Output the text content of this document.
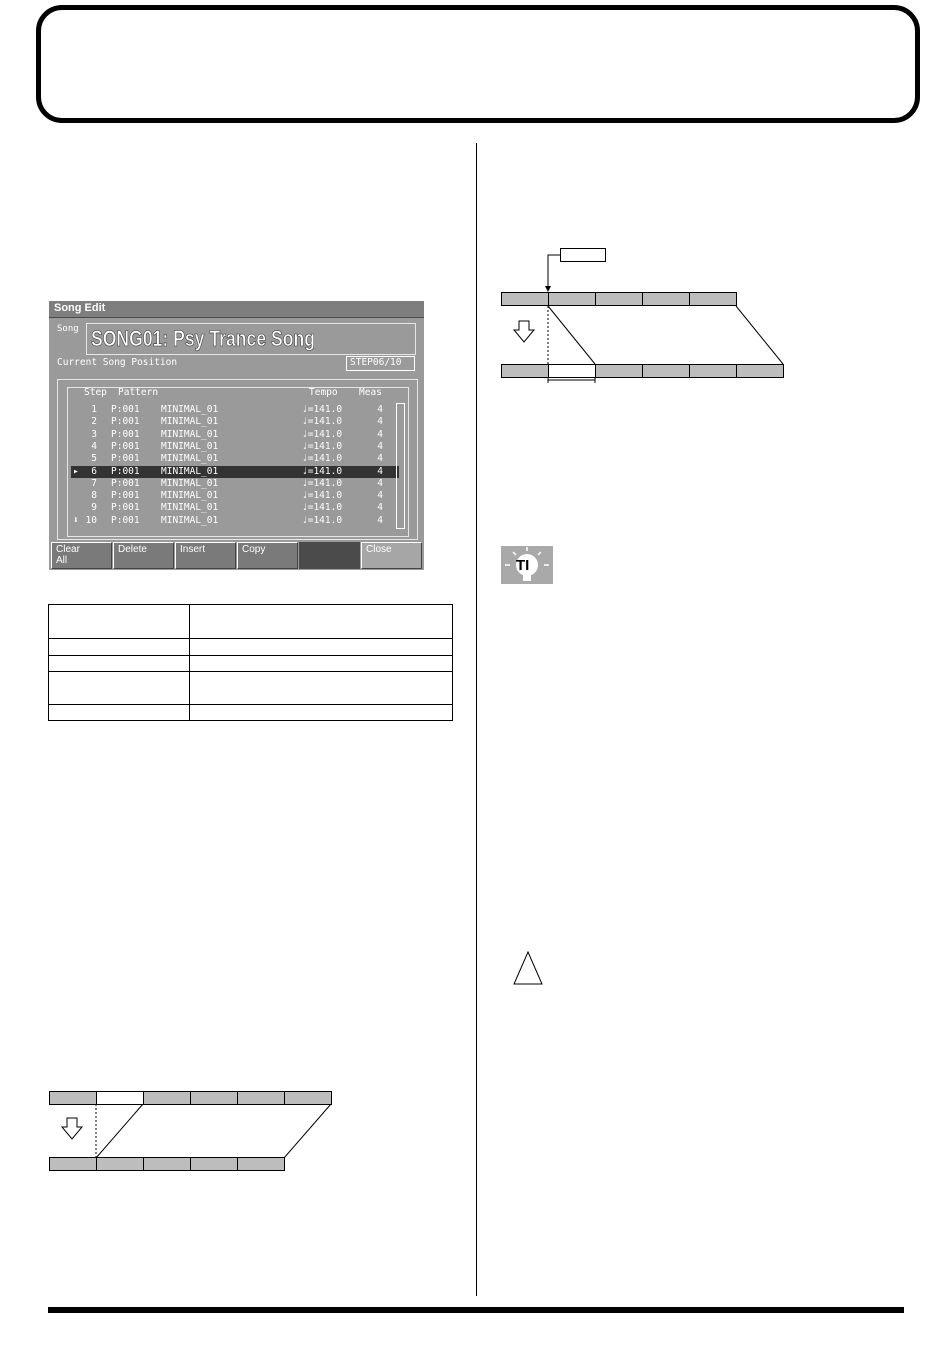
Song Edit
Song SONG01: Psy Trance Song
Current Song Position	STEP06/10
Step Pattern	Tempo Meas
1 P:001 MINIMAL_01	♩=141.0	4
2 P:001 MINIMAL_01	♩=141.0	4
3 P:001 MINIMAL_01	♩=141.0	4
4 P:001 MINIMAL_01	♩=141.0	4
5 P:001 MINIMAL_01	♩=141.0	4
▸	6 P:001 MINIMAL_01	♩=141.0	4
7 P:001 MINIMAL_01	♩=141.0	4
8 P:001 MINIMAL_01	♩=141.0	4
9 P:001 MINIMAL_01	♩=141.0	4
⬇ 10 P:001 MINIMAL_01	♩=141.0	4
Clear
All
Delete	Insert	Copy	Close

TI
